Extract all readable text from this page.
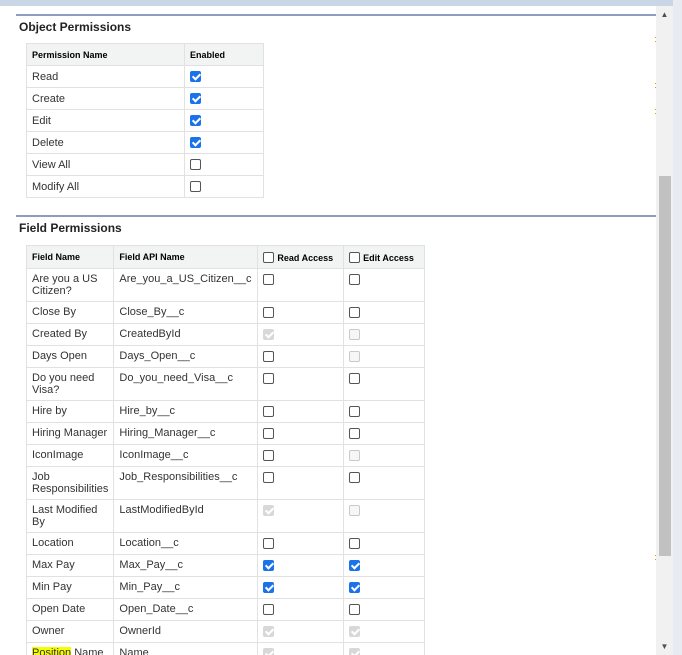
Object Permissions
Permission Name	Enabled
Read	
Create	
Edit	
Delete	
View All	
Modify All	
Field Permissions
Field Name	Field API Name	Read Access	Edit Access
Are you a US Citizen?	Are_you_a_US_Citizen__c		
Close By	Close_By__c		
Created By	CreatedById		
Days Open	Days_Open__c		
Do you need Visa?	Do_you_need_Visa__c		
Hire by	Hire_by__c		
Hiring Manager	Hiring_Manager__c		
IconImage	IconImage__c		
Job Responsibilities	Job_Responsibilities__c		
Last Modified By	LastModifiedById		
Location	Location__c		
Max Pay	Max_Pay__c		
Min Pay	Min_Pay__c		
Open Date	Open_Date__c		
Owner	OwnerId		
Position Name	Name		
▲
▼
